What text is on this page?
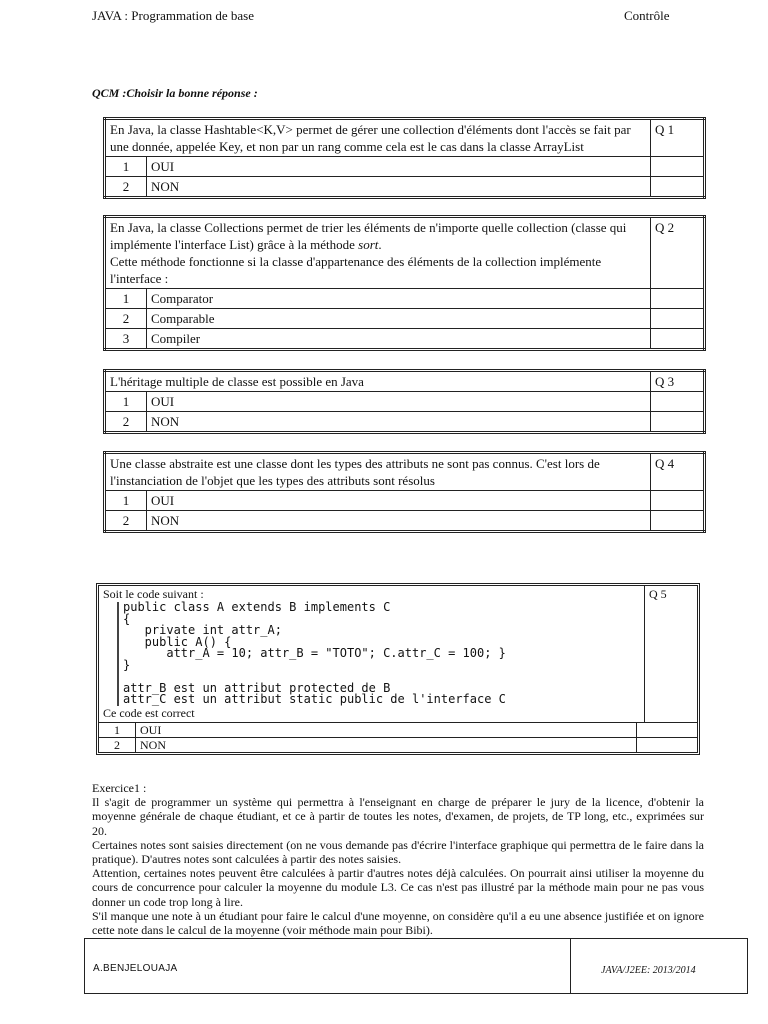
JAVA : Programmation de base	Contrôle
QCM :Choisir la bonne réponse :
En Java, la classe Hashtable<K,V> permet de gérer une collection d'éléments dont l'accès se fait par une donnée, appelée Key, et non par un rang comme cela est le cas dans la classe ArrayList		Q 1
1	OUI	
2	NON	
En Java, la classe Collections permet de trier les éléments de n'importe quelle collection (classe qui implémente l'interface List) grâce à la méthode sort.
Cette méthode fonctionne si la classe d'appartenance des éléments de la collection implémente l'interface :		Q 2
1	Comparator	
2	Comparable	
3	Compiler	
L'héritage multiple de classe est possible en Java		Q 3
1	OUI	
2	NON	
Une classe abstraite est une classe dont les types des attributs ne sont pas connus. C'est lors de l'instanciation de l'objet que les types des attributs sont résolus		Q 4
1	OUI	
2	NON	
Soit le code suivant :
public class A extends B implements C
{
private int attr_A;
public A() {
attr_A = 10; attr_B = "TOTO"; C.attr_C = 100; }
}

attr_B est un attribut protected de B
attr_C est un attribut static public de l'interface C
Ce code est correct
Q 5
1	OUI
2	NON

Exercice1 :

Il s'agit de programmer un système qui permettra à l'enseignant en charge de préparer le jury de la licence, d'obtenir la moyenne générale de chaque étudiant, et ce à partir de toutes les notes, d'examen, de projets, de TP long, etc., exprimées sur 20.

Certaines notes sont saisies directement (on ne vous demande pas d'écrire l'interface graphique qui permettra de le faire dans la pratique). D'autres notes sont calculées à partir des notes saisies.

Attention, certaines notes peuvent être calculées à partir d'autres notes déjà calculées. On pourrait ainsi utiliser la moyenne du cours de concurrence pour calculer la moyenne du module L3. Ce cas n'est pas illustré par la méthode main pour ne pas vous donner un code trop long à lire.

S'il manque une note à un étudiant pour faire le calcul d'une moyenne, on considère qu'il a eu une absence justifiée et on ignore cette note dans le calcul de la moyenne (voir méthode main pour Bibi).

A.BENJELOUAJA	JAVA/J2EE: 2013/2014
